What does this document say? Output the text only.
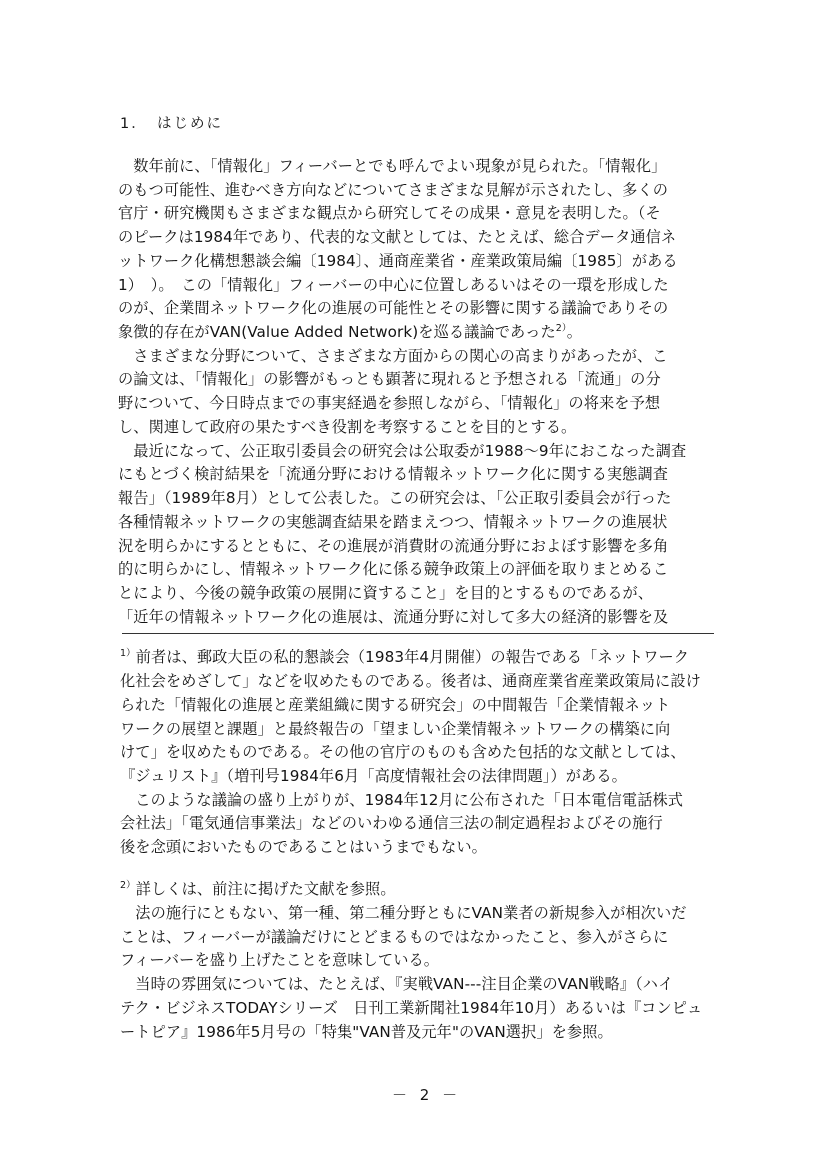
1．　はじめに
　数年前に、「情報化」フィーバーとでも呼んでよい現象が見られた。「情報化」
のもつ可能性、進むべき方向などについてさまざまな見解が示されたし、多くの
官庁・研究機関もさまざまな観点から研究してその成果・意見を表明した。（そ
のピークは1984年であり、代表的な文献としては、たとえば、総合データ通信ネ
ットワーク化構想懇談会編〔1984〕、通商産業省・産業政策局編〔1985〕がある
1）　）。　この「情報化」フィーバーの中心に位置しあるいはその一環を形成した
のが、企業間ネットワーク化の進展の可能性とその影響に関する議論でありその
象徴的存在がVAN(Value Added Network)を巡る議論であった$^{2)}$。
　さまざまな分野について、さまざまな方面からの関心の高まりがあったが、こ
の論文は、「情報化」の影響がもっとも顕著に現れると予想される「流通」の分
野について、今日時点までの事実経過を参照しながら、「情報化」の将来を予想
し、関連して政府の果たすべき役割を考察することを目的とする。
　最近になって、公正取引委員会の研究会は公取委が1988～9年におこなった調査
にもとづく検討結果を「流通分野における情報ネットワーク化に関する実態調査
報告」（1989年8月）として公表した。この研究会は、「公正取引委員会が行った
各種情報ネットワークの実態調査結果を踏まえつつ、情報ネットワークの進展状
況を明らかにするとともに、その進展が消費財の流通分野におよぼす影響を多角
的に明らかにし、情報ネットワーク化に係る競争政策上の評価を取りまとめるこ
とにより、今後の競争政策の展開に資すること」を目的とするものであるが、
「近年の情報ネットワーク化の進展は、流通分野に対して多大の経済的影響を及
$^{1)}$前者は、郵政大臣の私的懇談会（1983年4月開催）の報告である「ネットワーク
化社会をめざして」などを収めたものである。後者は、通商産業省産業政策局に設け
られた「情報化の進展と産業組織に関する研究会」の中間報告「企業情報ネット
ワークの展望と課題」と最終報告の「望ましい企業情報ネットワークの構築に向
けて」を収めたものである。その他の官庁のものも含めた包括的な文献としては、
『ジュリスト』（増刊号1984年6月「高度情報社会の法律問題」）がある。
　このような議論の盛り上がりが、1984年12月に公布された「日本電信電話株式
会社法」「電気通信事業法」などのいわゆる通信三法の制定過程およびその施行
後を念頭においたものであることはいうまでもない。
$^{2)}$詳しくは、前注に掲げた文献を参照。
　法の施行にともない、第一種、第二種分野ともにVAN業者の新規参入が相次いだ
ことは、フィーバーが議論だけにとどまるものではなかったこと、参入がさらに
フィーバーを盛り上げたことを意味している。
　当時の雰囲気については、たとえば、『実戦VAN---注目企業のVAN戦略』（ハイ
テク・ビジネスTODAYシリーズ　日刊工業新聞社1984年10月）あるいは『コンピュ
ートピア』1986年5月号の「特集"VAN普及元年"のVAN選択」を参照。
－ 2 －
